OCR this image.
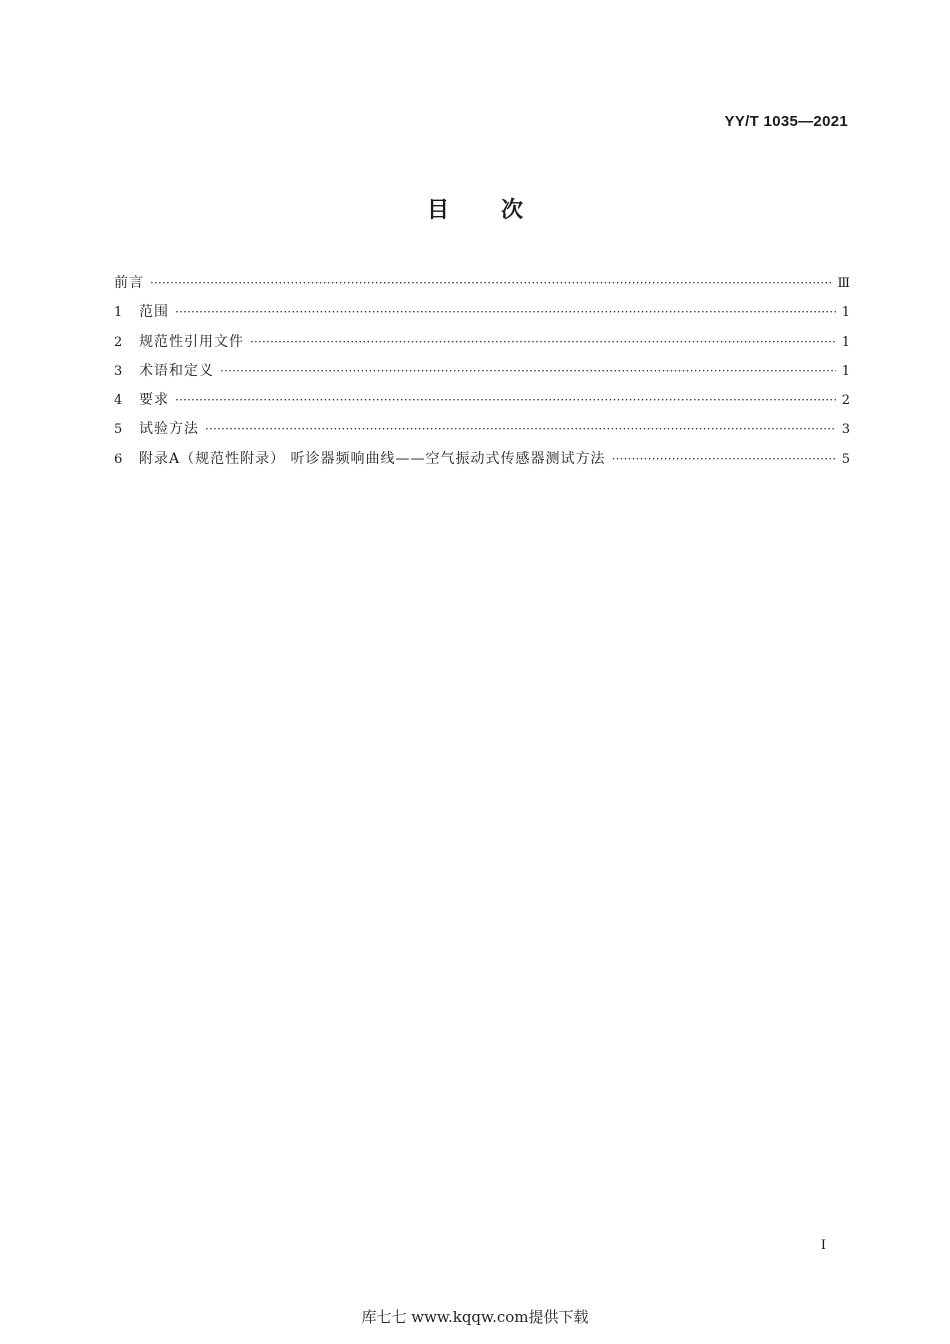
YY/T 1035—2021
目次
前言 ·····	Ⅲ
1	范围 ·····	1
2	规范性引用文件 ·····	1
3	术语和定义 ·····	1
4	要求 ·····	2
5	试验方法 ·····	3
6	附录A（规范性附录） 听诊器频响曲线——空气振动式传感器测试方法 ·····	5
I
库七七 www.kqqw.com提供下载
